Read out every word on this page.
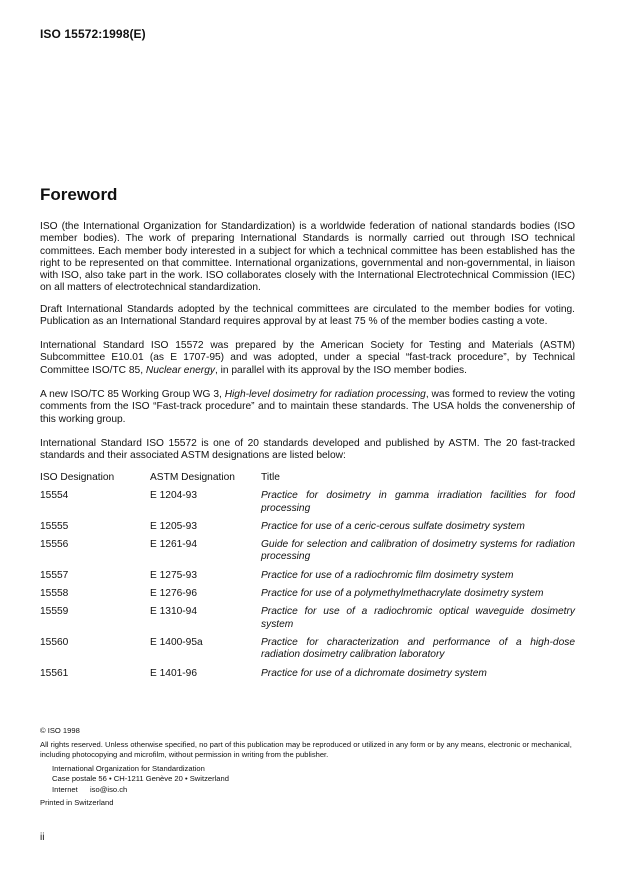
ISO 15572:1998(E)
Foreword

ISO (the International Organization for Standardization) is a worldwide federation of national standards bodies (ISO member bodies). The work of preparing International Standards is normally carried out through ISO technical committees. Each member body interested in a subject for which a technical committee has been established has the right to be represented on that committee. International organizations, governmental and non-governmental, in liaison with ISO, also take part in the work. ISO collaborates closely with the International Electrotechnical Commission (IEC) on all matters of electrotechnical standardization.

Draft International Standards adopted by the technical committees are circulated to the member bodies for voting. Publication as an International Standard requires approval by at least 75 % of the member bodies casting a vote.

International Standard ISO 15572 was prepared by the American Society for Testing and Materials (ASTM) Subcommittee E10.01 (as E 1707-95) and was adopted, under a special “fast-track procedure”, by Technical Committee ISO/TC 85, Nuclear energy, in parallel with its approval by the ISO member bodies.

A new ISO/TC 85 Working Group WG 3, High-level dosimetry for radiation processing, was formed to review the voting comments from the ISO “Fast-track procedure” and to maintain these standards. The USA holds the convenership of this working group.

International Standard ISO 15572 is one of 20 standards developed and published by ASTM. The 20 fast-tracked standards and their associated ASTM designations are listed below:

ISO Designation	ASTM Designation	Title
15554	E 1204-93	Practice for dosimetry in gamma irradiation facilities for food processing
15555	E 1205-93	Practice for use of a ceric-cerous sulfate dosimetry system
15556	E 1261-94	Guide for selection and calibration of dosimetry systems for radiation processing
15557	E 1275-93	Practice for use of a radiochromic film dosimetry system
15558	E 1276-96	Practice for use of a polymethylmethacrylate dosimetry system
15559	E 1310-94	Practice for use of a radiochromic optical waveguide dosimetry system
15560	E 1400-95a	Practice for characterization and performance of a high-dose radiation dosimetry calibration laboratory
15561	E 1401-96	Practice for use of a dichromate dosimetry system
© ISO 1998
All rights reserved. Unless otherwise specified, no part of this publication may be reproduced or utilized in any form or by any means, electronic or mechanical, including photocopying and microfilm, without permission in writing from the publisher.
International Organization for Standardization
Case postale 56 • CH-1211 Genève 20 • Switzerland
Internet iso@iso.ch
Printed in Switzerland
ii
